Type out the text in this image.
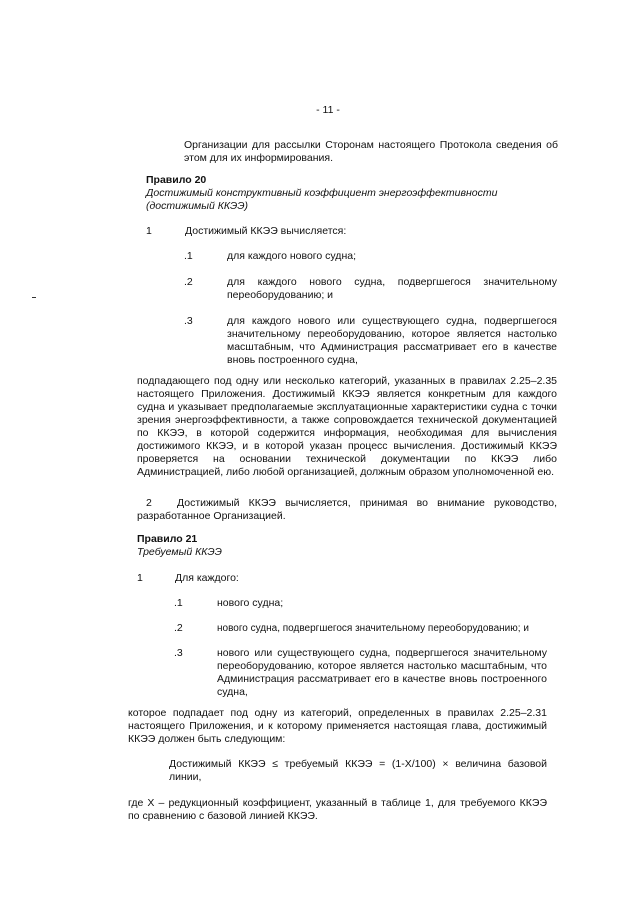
- 11 -
Организации для рассылки Сторонам настоящего Протокола сведения об этом для их информирования.
Правило 20
Достижимый конструктивный коэффициент энергоэффективности (достижимый ККЭЭ)
1	Достижимый ККЭЭ вычисляется:
.1	для каждого нового судна;
.2	для каждого нового судна, подвергшегося значительному переоборудованию; и
.3	для каждого нового или существующего судна, подвергшегося значительному переоборудованию, которое является настолько масштабным, что Администрация рассматривает его в качестве вновь построенного судна,
подпадающего под одну или несколько категорий, указанных в правилах 2.25–2.35 настоящего Приложения. Достижимый ККЭЭ является конкретным для каждого судна и указывает предполагаемые эксплуатационные характеристики судна с точки зрения энергоэффективности, а также сопровождается технической документацией по ККЭЭ, в которой содержится информация, необходимая для вычисления достижимого ККЭЭ, и в которой указан процесс вычисления. Достижимый ККЭЭ проверяется на основании технической документации по ККЭЭ либо Администрацией, либо любой организацией, должным образом уполномоченной ею.
2	Достижимый ККЭЭ вычисляется, принимая во внимание руководство, разработанное Организацией.
Правило 21
Требуемый ККЭЭ
1	Для каждого:
.1	нового судна;
.2	нового судна, подвергшегося значительному переоборудованию; и
.3	нового или существующего судна, подвергшегося значительному переоборудованию, которое является настолько масштабным, что Администрация рассматривает его в качестве вновь построенного судна,
которое подпадает под одну из категорий, определенных в правилах 2.25–2.31 настоящего Приложения, и к которому применяется настоящая глава, достижимый ККЭЭ должен быть следующим:
Достижимый ККЭЭ ≤ требуемый ККЭЭ = (1-X/100) × величина базовой линии,
где X – редукционный коэффициент, указанный в таблице 1, для требуемого ККЭЭ по сравнению с базовой линией ККЭЭ.
